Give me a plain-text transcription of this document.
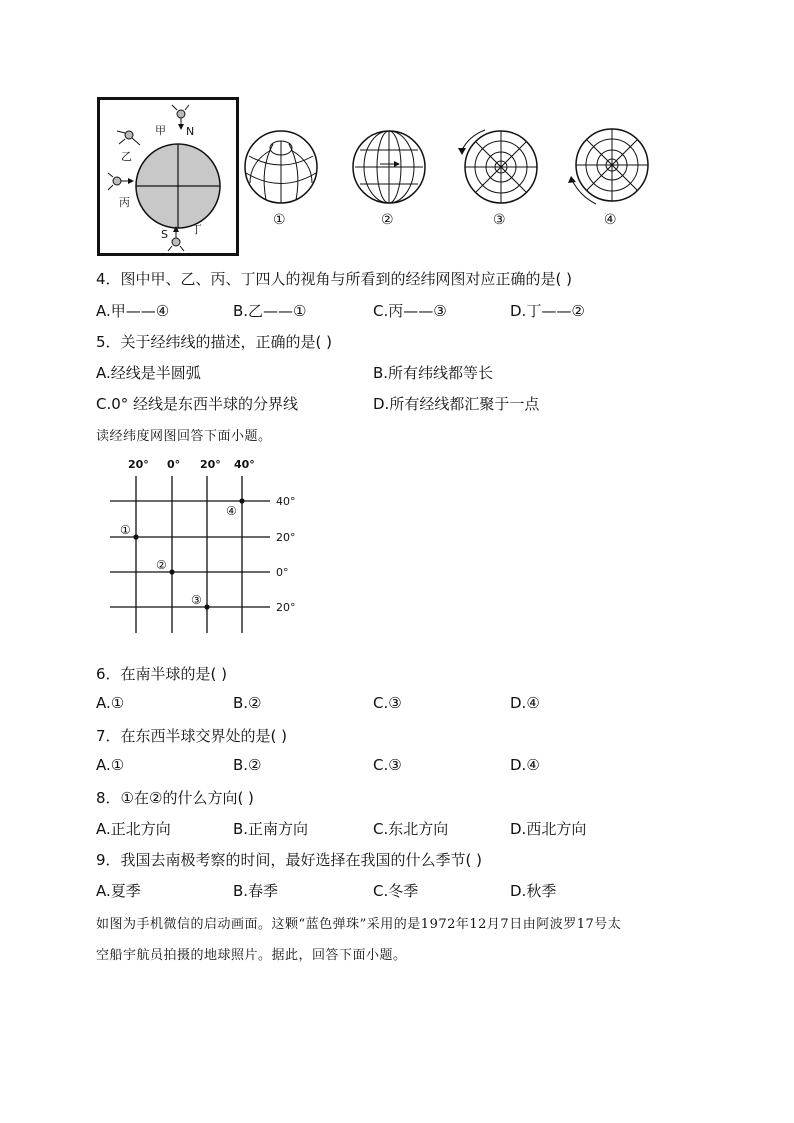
甲 N
乙
丙
S 丁
①	②	③	④
4．图中甲、乙、丙、丁四人的视角与所看到的经纬网图对应正确的是( )
A.甲——④	B.乙——①	C.丙——③	D.丁——②
5．关于经纬线的描述，正确的是( )
A.经线是半圆弧	B.所有纬线都等长
C.0° 经线是东西半球的分界线	D.所有经线都汇聚于一点
读经纬度网图回答下面小题。
20° 0° 20° 40°
40°
20°
0°
20°
①
②
③
④
6．在南半球的是( )
A.①	B.②	C.③	D.④
7．在东西半球交界处的是( )
A.①	B.②	C.③	D.④
8．①在②的什么方向( )
A.正北方向	B.正南方向	C.东北方向	D.西北方向
9．我国去南极考察的时间，最好选择在我国的什么季节( )
A.夏季	B.春季	C.冬季	D.秋季
如图为手机微信的启动画面。这颗“蓝色弹珠”采用的是1972年12月7日由阿波罗17号太
空船宇航员拍摄的地球照片。据此，回答下面小题。
